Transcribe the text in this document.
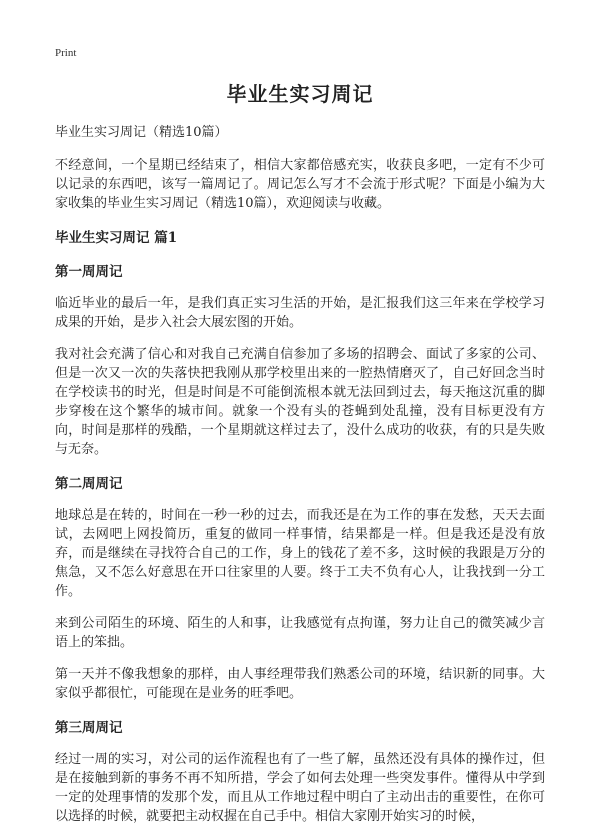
Print
毕业生实习周记
毕业生实习周记（精选10篇）

不经意间，一个星期已经结束了，相信大家都倍感充实，收获良多吧，一定有不少可以记录的东西吧，该写一篇周记了。周记怎么写才不会流于形式呢？下面是小编为大家收集的毕业生实习周记（精选10篇），欢迎阅读与收藏。

毕业生实习周记 篇1
第一周周记

临近毕业的最后一年，是我们真正实习生活的开始，是汇报我们这三年来在学校学习成果的开始，是步入社会大展宏图的开始。

我对社会充满了信心和对我自己充满自信参加了多场的招聘会、面试了多家的公司、但是一次又一次的失落快把我刚从那学校里出来的一腔热情磨灭了，自己好回念当时在学校读书的时光，但是时间是不可能倒流根本就无法回到过去，每天拖这沉重的脚步穿梭在这个繁华的城市间。就象一个没有头的苍蝇到处乱撞，没有目标更没有方向，时间是那样的残酷，一个星期就这样过去了，没什么成功的收获，有的只是失败与无奈。

第二周周记

地球总是在转的，时间在一秒一秒的过去，而我还是在为工作的事在发愁，天天去面试，去网吧上网投简历，重复的做同一样事情，结果都是一样。但是我还是没有放弃，而是继续在寻找符合自己的工作，身上的钱花了差不多，这时候的我跟是万分的焦急，又不怎么好意思在开口往家里的人要。终于工夫不负有心人，让我找到一分工作。

来到公司陌生的环境、陌生的人和事，让我感觉有点拘谨，努力让自己的微笑减少言语上的笨拙。

第一天并不像我想象的那样，由人事经理带我们熟悉公司的环境，结识新的同事。大家似乎都很忙，可能现在是业务的旺季吧。

第三周周记

经过一周的实习，对公司的运作流程也有了一些了解，虽然还没有具体的操作过，但是在接触到新的事务不再不知所措，学会了如何去处理一些突发事件。懂得从中学到一定的处理事情的发那个发，而且从工作地过程中明白了主动出击的重要性，在你可以选择的时候，就要把主动权握在自己手中。相信大家刚开始实习的时候，
